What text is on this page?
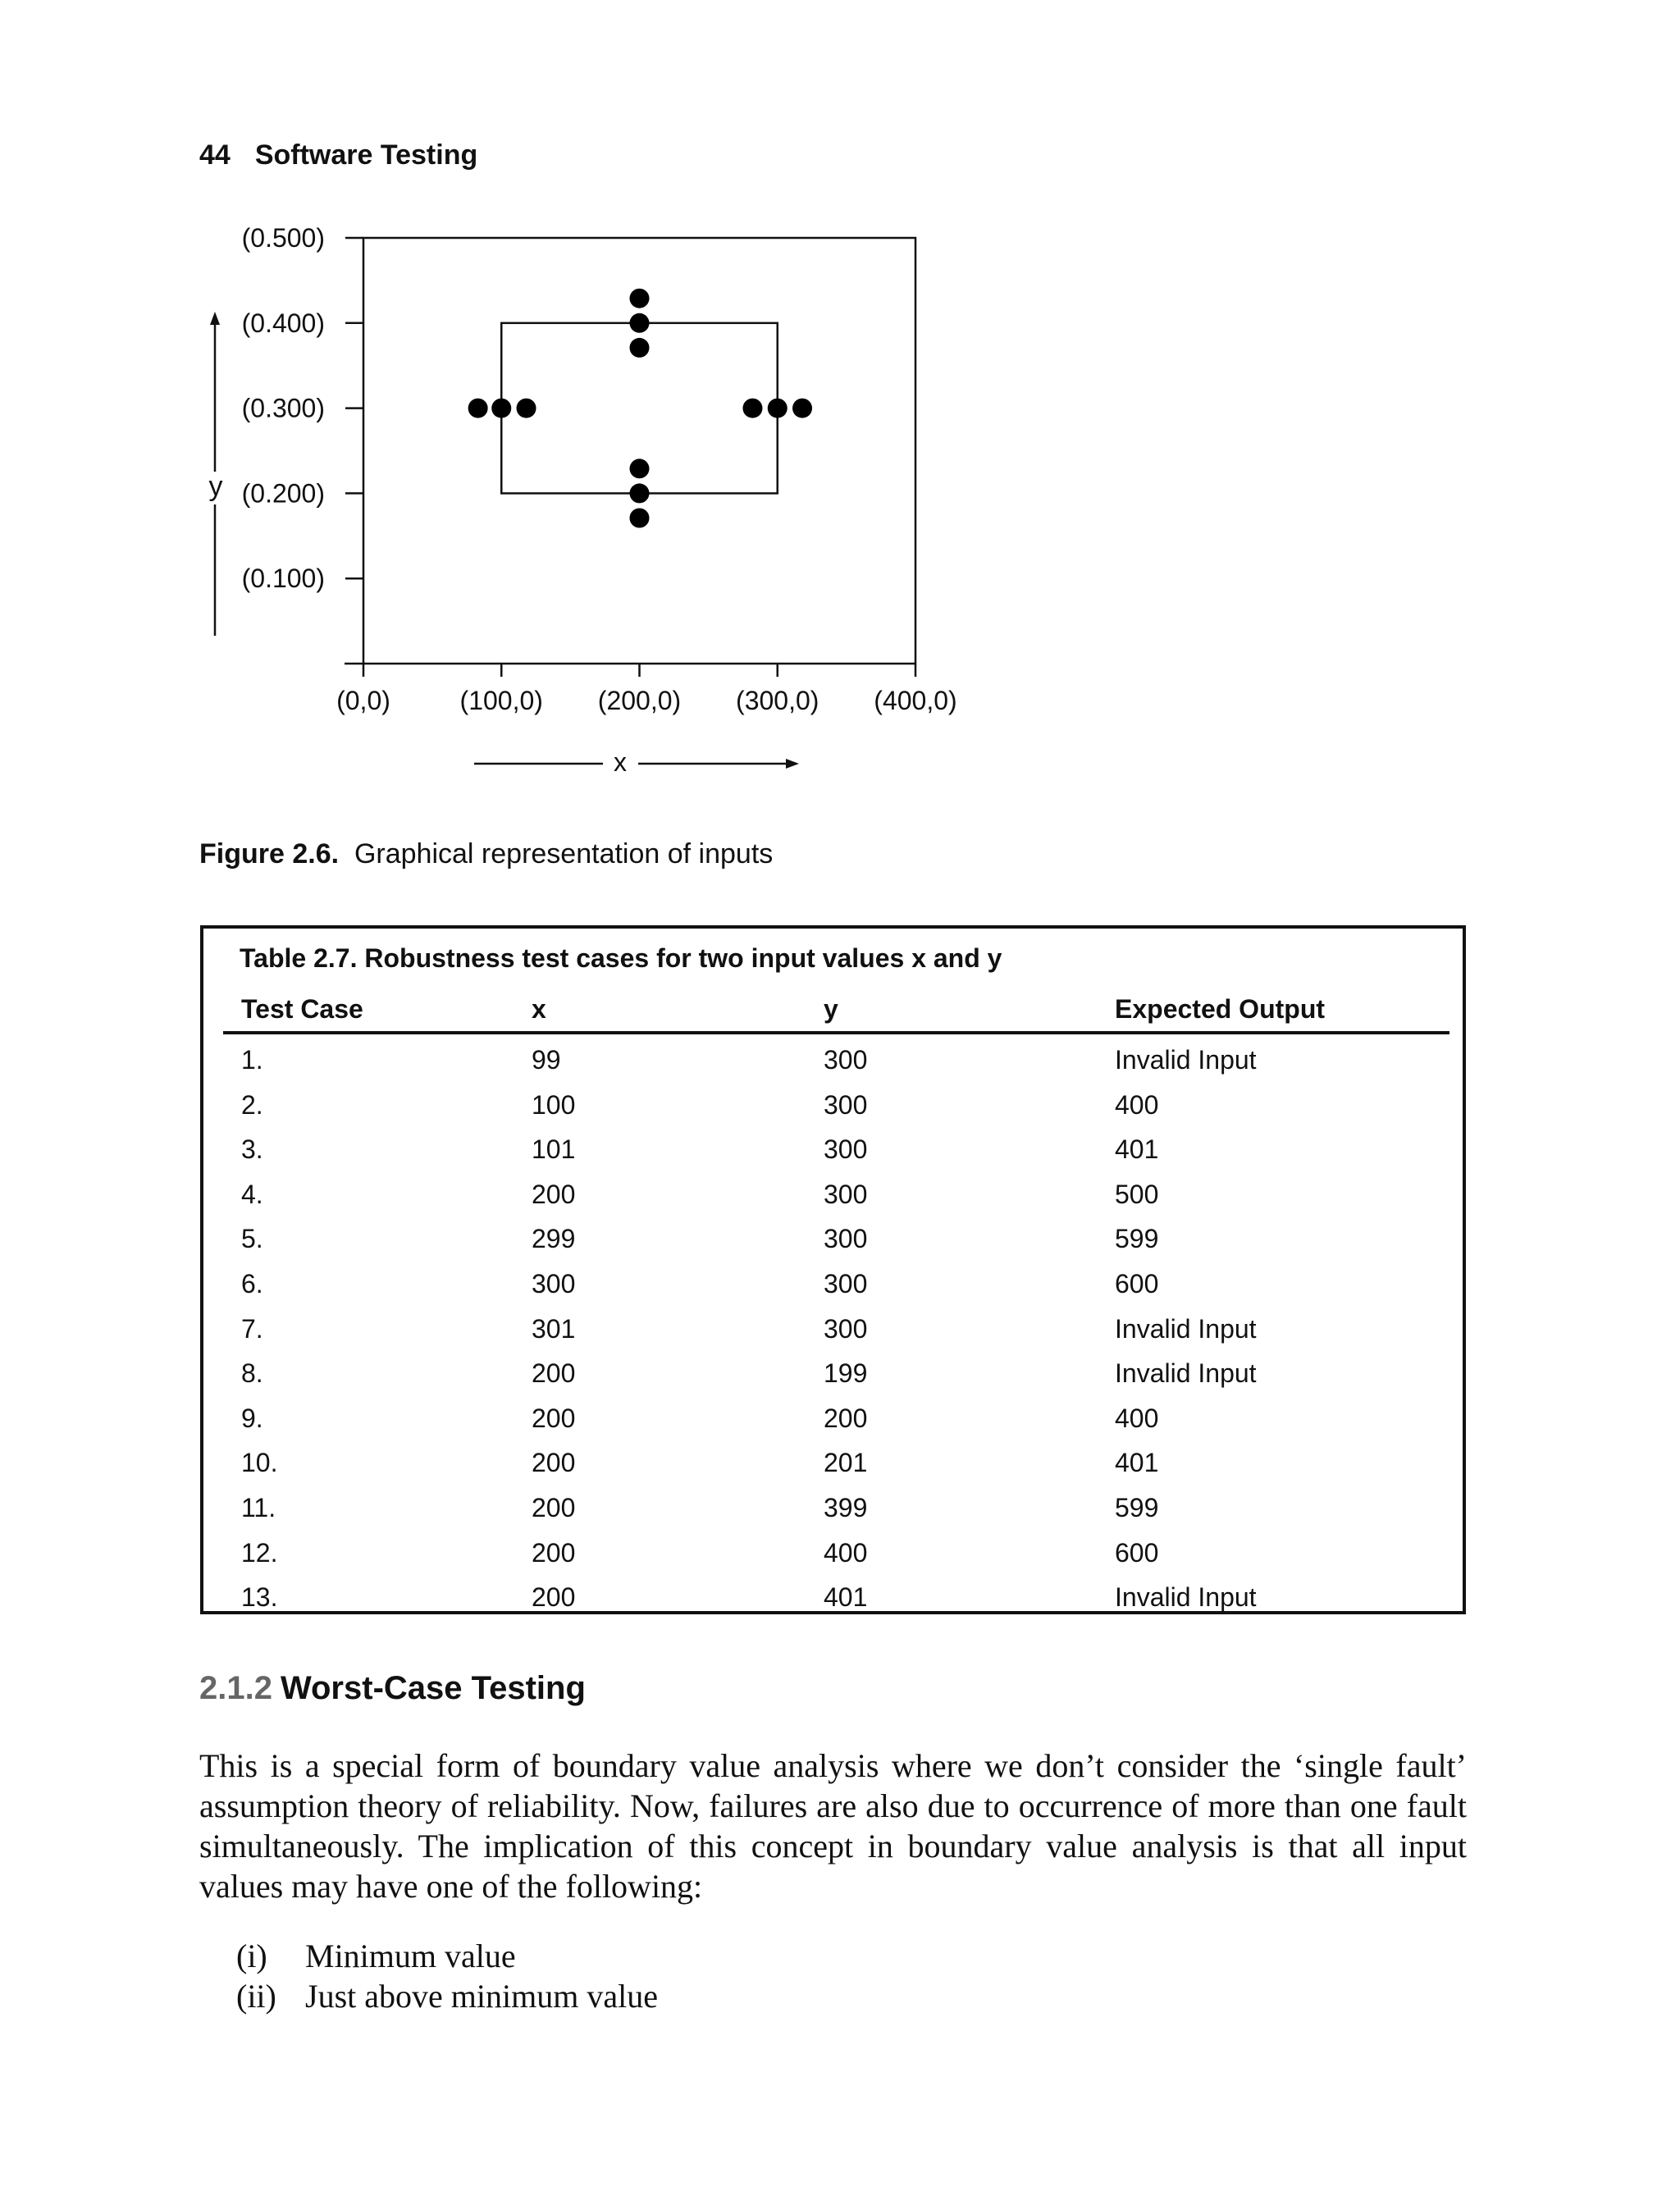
44 Software Testing
(0,0)	(100,0) (200,0) (300,0) (400,0)
(0.100)
(0.200)
(0.300)
(0.400)
(0.500)
y
x
Figure 2.6. Graphical representation of inputs
Table 2.7. Robustness test cases for two input values x and y
Test Case	x	y	Expected Output
1.	99	300	Invalid Input
2.	100	300	400
3.	101	300	401
4.	200	300	500
5.	299	300	599
6.	300	300	600
7.	301	300	Invalid Input
8.	200	199	Invalid Input
9.	200	200	400
10.	200	201	401
11.	200	399	599
12.	200	400	600
13.	200	401	Invalid Input
2.1.2 Worst-Case Testing
This is a special form of boundary value analysis where we don’t consider the ‘single fault’ assumption theory of reliability. Now, failures are also due to occurrence of more than one fault simultaneously. The implication of this concept in boundary value analysis is that all input values may have one of the following:
(i) Minimum value
(ii) Just above minimum value
